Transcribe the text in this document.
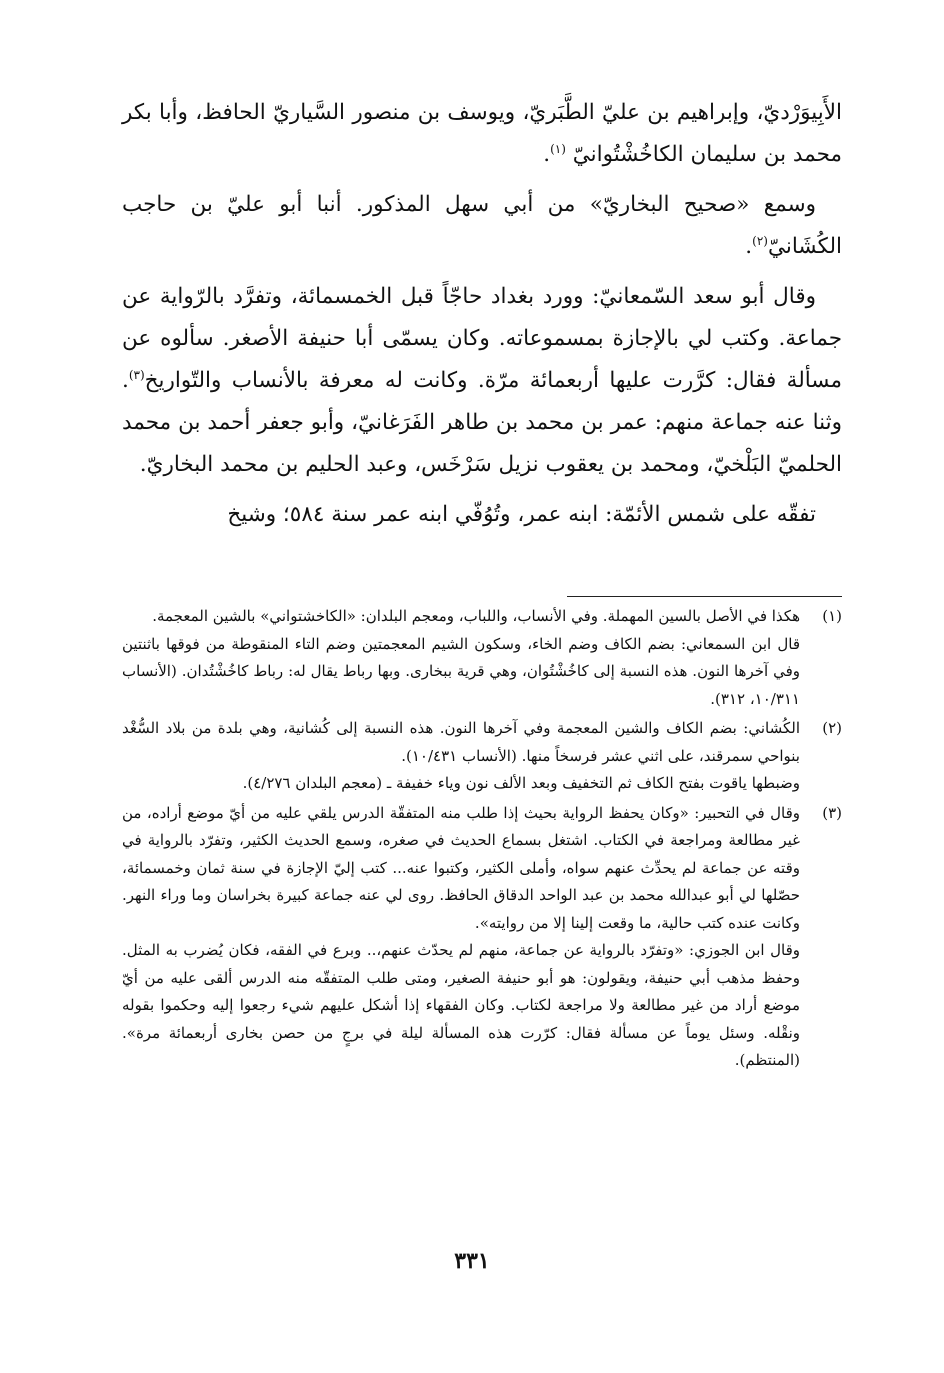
الأَبِيوَرْديّ، وإبراهيم بن عليّ الطَّبَريّ، ويوسف بن منصور السَّياريّ الحافظ، وأبا بكر محمد بن سليمان الكاخُشْتُوانيّ $^{(١)}$.

وسمع «صحيح البخاريّ» من أبي سهل المذكور. أنبا أبو عليّ بن حاجب الكُشَانيّ$^{(٢)}$.

وقال أبو سعد السّمعانيّ: وورد بغداد حاجّاً قبل الخمسمائة، وتفرَّد بالرّواية عن جماعة. وكتب لي بالإجازة بمسموعاته. وكان يسمّى أبا حنيفة الأصغر. سألوه عن مسألة فقال: كرَّرت عليها أربعمائة مرّة. وكانت له معرفة بالأنساب والتّواريخ$^{(٣)}$. وثنا عنه جماعة منهم: عمر بن محمد بن طاهر الفَرَغانيّ، وأبو جعفر أحمد بن محمد الحلميّ البَلْخيّ، ومحمد بن يعقوب نزيل سَرْخَس، وعبد الحليم بن محمد البخاريّ.

تفقّه على شمس الأئمّة: ابنه عمر، وتُوُفّي ابنه عمر سنة ٥٨٤؛ وشيخ

(١)

هكذا في الأصل بالسين المهملة. وفي الأنساب، واللباب، ومعجم البلدان: «الكاخشتواني» بالشين المعجمة.

قال ابن السمعاني: بضم الكاف وضم الخاء، وسكون الشيم المعجمتين وضم التاء المنقوطة من فوقها باثنتين وفي آخرها النون. هذه النسبة إلى كاخُشْتُوان، وهي قرية ببخارى. وبها رباط يقال له: رباط كاخُشْتُدان. (الأنساب ١٠/٣١١، ٣١٢).

(٢)

الكُشاني: بضم الكاف والشين المعجمة وفي آخرها النون. هذه النسبة إلى كُشانية، وهي بلدة من بلاد السُّغْد بنواحي سمرقند، على اثني عشر فرسخاً منها. (الأنساب ١٠/٤٣١).

وضبطها ياقوت بفتح الكاف ثم التخفيف وبعد الألف نون وياء خفيفة ـ (معجم البلدان ٤/٢٧٦).

(٣)

وقال في التحبير: «وكان يحفظ الرواية بحيث إذا طلب منه المتفقّة الدرس يلقي عليه من أيّ موضع أراده، من غير مطالعة ومراجعة في الكتاب. اشتغل بسماع الحديث في صغره، وسمع الحديث الكثير، وتفرّد بالرواية في وقته عن جماعة لم يحدِّث عنهم سواه، وأملى الكثير، وكتبوا عنه... كتب إليّ الإجازة في سنة ثمان وخمسمائة، حصّلها لي أبو عبدالله محمد بن عبد الواحد الدقاق الحافظ. روى لي عنه جماعة كبيرة بخراسان وما وراء النهر. وكانت عنده كتب حالية، ما وقعت إلينا إلا من روايته».

وقال ابن الجوزي: «وتفرّد بالرواية عن جماعة، منهم لم يحدّث عنهم،.. وبرع في الفقه، فكان يُضرب به المثل. وحفظ مذهب أبي حنيفة، ويقولون: هو أبو حنيفة الصغير، ومتى طلب المتفقّه منه الدرس ألقى عليه من أيّ موضع أراد من غير مطالعة ولا مراجعة لكتاب. وكان الفقهاء إذا أشكل عليهم شيء رجعوا إليه وحكموا بقوله ونقْله. وسئل يوماً عن مسألة فقال: كرّرت هذه المسألة ليلة في برجٍ من حصن بخارى أربعمائة مرة». (المنتظم).

٣٣١
